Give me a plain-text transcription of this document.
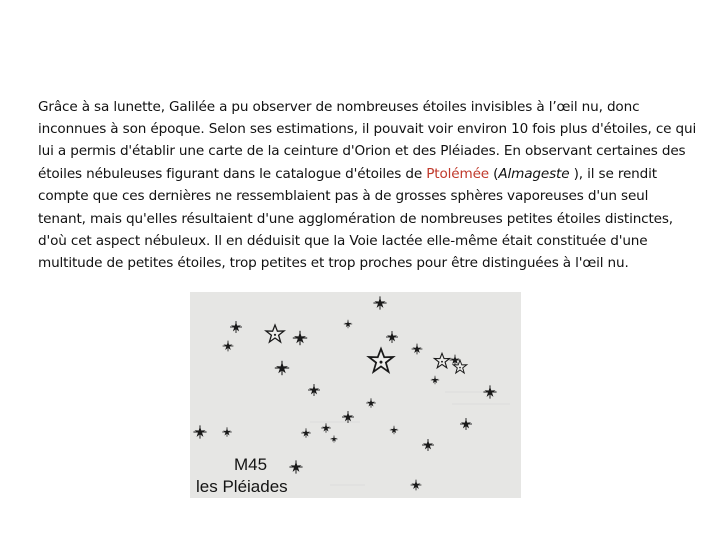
Grâce à sa lunette, Galilée a pu observer de nombreuses étoiles invisibles à l’œil nu, donc inconnues à son époque. Selon ses estimations, il pouvait voir environ 10 fois plus d'étoiles, ce qui lui a permis d'établir une carte de la ceinture d'Orion et des Pléiades. En observant certaines des étoiles nébuleuses figurant dans le catalogue d'étoiles de Ptolémée (Almageste ), il se rendit compte que ces dernières ne ressemblaient pas à de grosses sphères vaporeuses d'un seul tenant, mais qu'elles résultaient d'une agglomération de nombreuses petites étoiles distinctes, d'où cet aspect nébuleux. Il en déduisit que la Voie lactée elle-même était constituée d'une multitude de petites étoiles, trop petites et trop proches pour être distinguées à l'œil nu.

M45
les Pléiades
